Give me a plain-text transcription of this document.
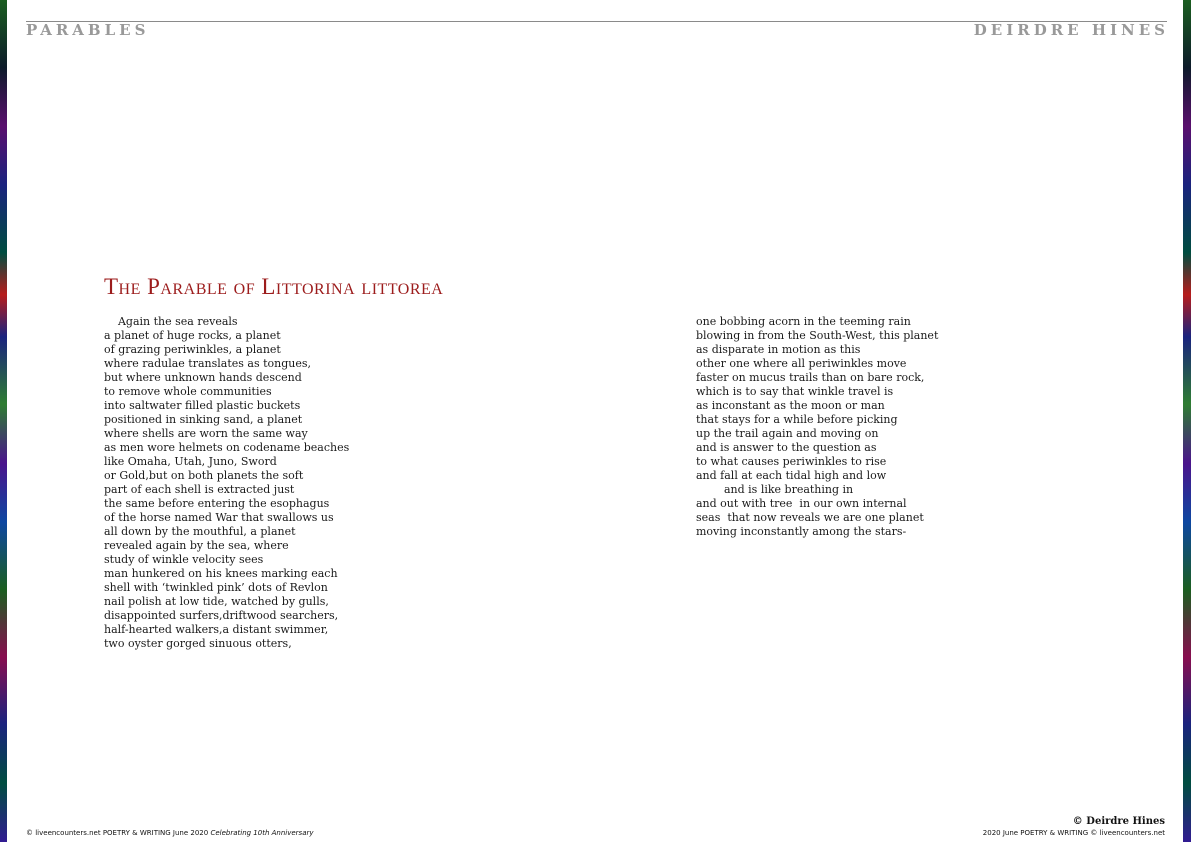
PARABLES	DEIRDRE HINES
The Parable of Littorina littorea
Again the sea reveals
a planet of huge rocks, a planet
of grazing periwinkles, a planet
where radulae translates as tongues,
but where unknown hands descend
to remove whole communities
into saltwater filled plastic buckets
positioned in sinking sand, a planet
where shells are worn the same way
as men wore helmets on codename beaches
like Omaha, Utah, Juno, Sword
or Gold,but on both planets the soft
part of each shell is extracted just
the same before entering the esophagus
of the horse named War that swallows us
all down by the mouthful, a planet
revealed again by the sea, where
study of winkle velocity sees
man hunkered on his knees marking each
shell with ‘twinkled pink’ dots of Revlon
nail polish at low tide, watched by gulls,
disappointed surfers,driftwood searchers,
half-hearted walkers,a distant swimmer,
two oyster gorged sinuous otters,
one bobbing acorn in the teeming rain
blowing in from the South-West, this planet
as disparate in motion as this
other one where all periwinkles move
faster on mucus trails than on bare rock,
which is to say that winkle travel is
as inconstant as the moon or man
that stays for a while before picking
up the trail again and moving on
and is answer to the question as
to what causes periwinkles to rise
and fall at each tidal high and low
and is like breathing in
and out with tree  in our own internal
seas  that now reveals we are one planet
moving inconstantly among the stars-
© liveencounters.net POETRY & WRITING June 2020 Celebrating 10th Anniversary
© Deirdre Hines
2020 June POETRY & WRITING © liveencounters.net
